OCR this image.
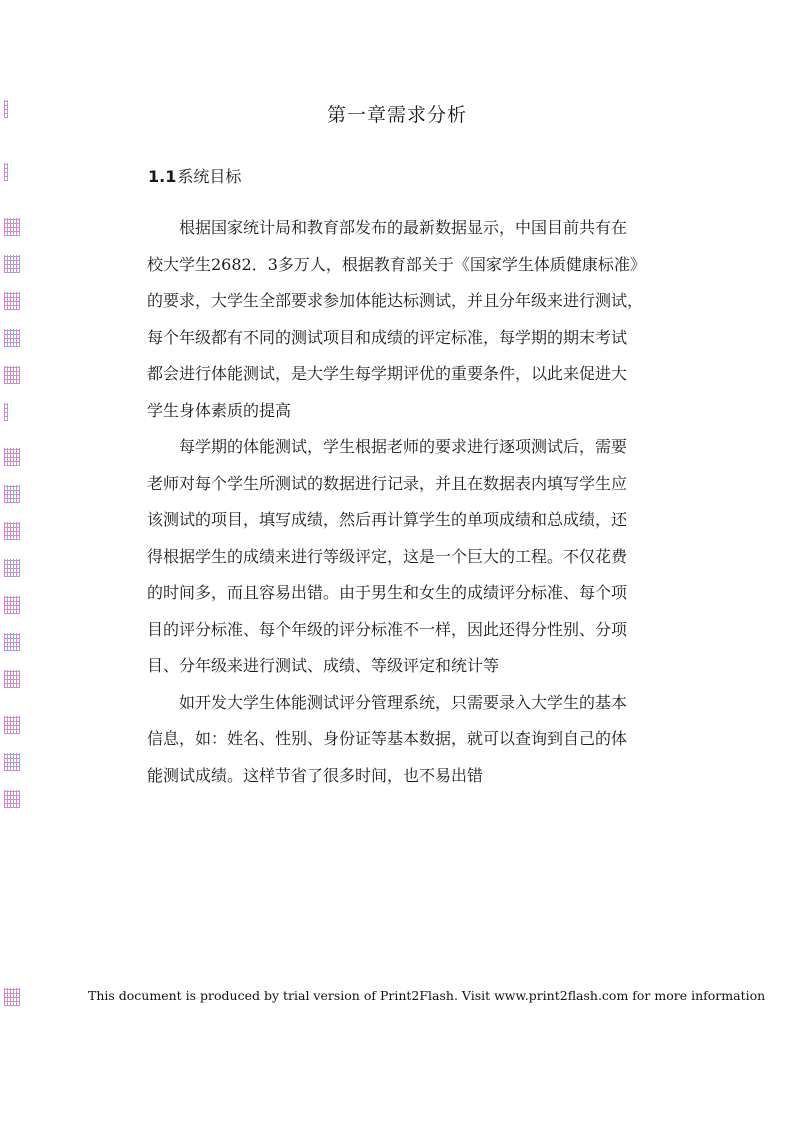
第一章需求分析
1.1系统目标
根据国家统计局和教育部发布的最新数据显示，中国目前共有在
校大学生2682．3多万人，根据教育部关于《国家学生体质健康标准》
的要求，大学生全部要求参加体能达标测试，并且分年级来进行测试，
每个年级都有不同的测试项目和成绩的评定标准，每学期的期末考试
都会进行体能测试，是大学生每学期评优的重要条件，以此来促进大
学生身体素质的提高
每学期的体能测试，学生根据老师的要求进行逐项测试后，需要
老师对每个学生所测试的数据进行记录，并且在数据表内填写学生应
该测试的项目，填写成绩，然后再计算学生的单项成绩和总成绩，还
得根据学生的成绩来进行等级评定，这是一个巨大的工程。不仅花费
的时间多，而且容易出错。由于男生和女生的成绩评分标准、每个项
目的评分标准、每个年级的评分标准不一样，因此还得分性别、分项
目、分年级来进行测试、成绩、等级评定和统计等
如开发大学生体能测试评分管理系统，只需要录入大学生的基本
信息，如：姓名、性别、身份证等基本数据，就可以查询到自己的体
能测试成绩。这样节省了很多时间，也不易出错
This document is produced by trial version of Print2Flash. Visit www.print2flash.com for more information
